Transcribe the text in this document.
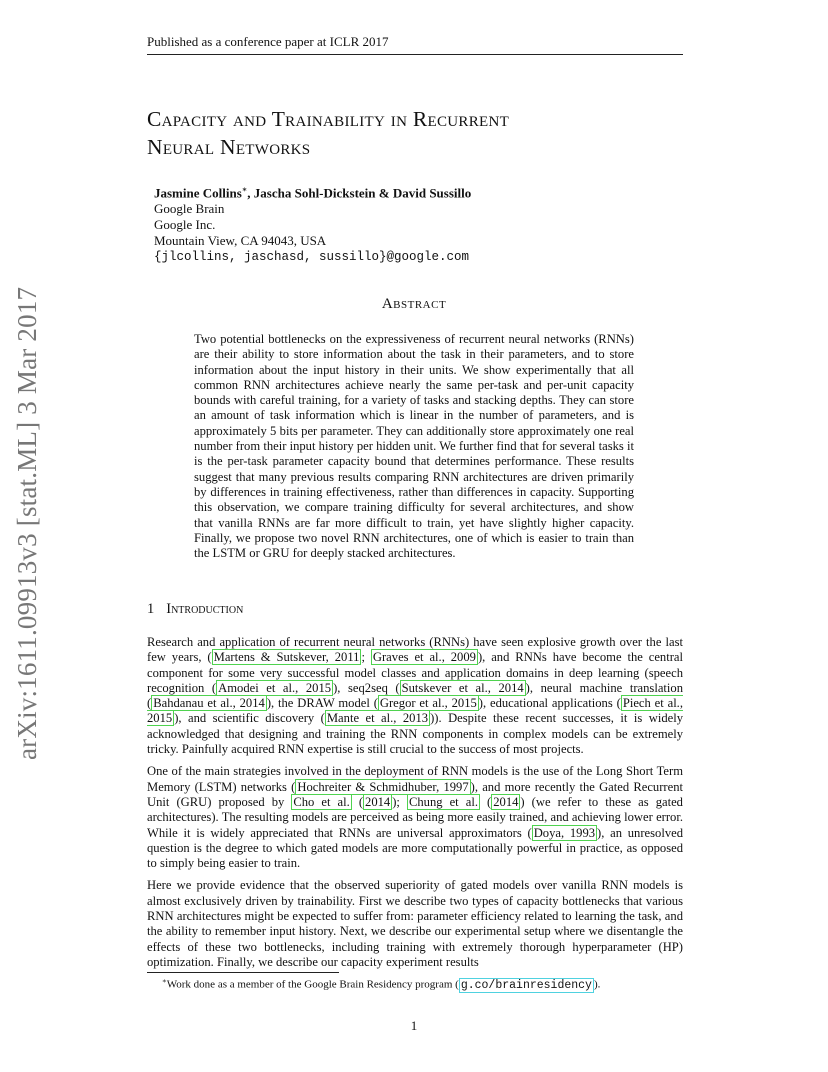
Published as a conference paper at ICLR 2017
arXiv:1611.09913v3 [stat.ML] 3 Mar 2017
Capacity and Trainability in Recurrent
Neural Networks
Jasmine Collins∗, Jascha Sohl-Dickstein & David Sussillo
Google Brain
Google Inc.
Mountain View, CA 94043, USA
{jlcollins, jaschasd, sussillo}@google.com
Abstract
Two potential bottlenecks on the expressiveness of recurrent neural networks (RNNs) are their ability to store information about the task in their parameters, and to store information about the input history in their units. We show experimentally that all common RNN architectures achieve nearly the same per-task and per-unit capacity bounds with careful training, for a variety of tasks and stacking depths. They can store an amount of task information which is linear in the number of parameters, and is approximately 5 bits per parameter. They can additionally store approximately one real number from their input history per hidden unit. We further find that for several tasks it is the per-task parameter capacity bound that determines performance. These results suggest that many previous results comparing RNN architectures are driven primarily by differences in training effectiveness, rather than differences in capacity. Supporting this observation, we compare training difficulty for several architectures, and show that vanilla RNNs are far more difficult to train, yet have slightly higher capacity. Finally, we propose two novel RNN architectures, one of which is easier to train than the LSTM or GRU for deeply stacked architectures.
1 Introduction

Research and application of recurrent neural networks (RNNs) have seen explosive growth over the last few years, ( Martens & Sutskever, 2011 ; Graves et al., 2009 ), and RNNs have become the central component for some very successful model classes and application domains in deep learning (speech recognition ( Amodei et al., 2015 ), seq2seq ( Sutskever et al., 2014 ), neural machine translation ( Bahdanau et al., 2014 ), the DRAW model ( Gregor et al., 2015 ), educational applications ( Piech et al., 2015 ), and scientific discovery ( Mante et al., 2013 )). Despite these recent successes, it is widely acknowledged that designing and training the RNN components in complex models can be extremely tricky. Painfully acquired RNN expertise is still crucial to the success of most projects.

One of the main strategies involved in the deployment of RNN models is the use of the Long Short Term Memory (LSTM) networks ( Hochreiter & Schmidhuber, 1997 ), and more recently the Gated Recurrent Unit (GRU) proposed by Cho et al. ( 2014 ); Chung et al. ( 2014 ) (we refer to these as gated architectures). The resulting models are perceived as being more easily trained, and achieving lower error. While it is widely appreciated that RNNs are universal approximators ( Doya, 1993 ), an unresolved question is the degree to which gated models are more computationally powerful in practice, as opposed to simply being easier to train.

Here we provide evidence that the observed superiority of gated models over vanilla RNN models is almost exclusively driven by trainability. First we describe two types of capacity bottlenecks that various RNN architectures might be expected to suffer from: parameter efficiency related to learning the task, and the ability to remember input history. Next, we describe our experimental setup where we disentangle the effects of these two bottlenecks, including training with extremely thorough hyperparameter (HP) optimization. Finally, we describe our capacity experiment results

∗Work done as a member of the Google Brain Residency program ( g.co/brainresidency ).
1
